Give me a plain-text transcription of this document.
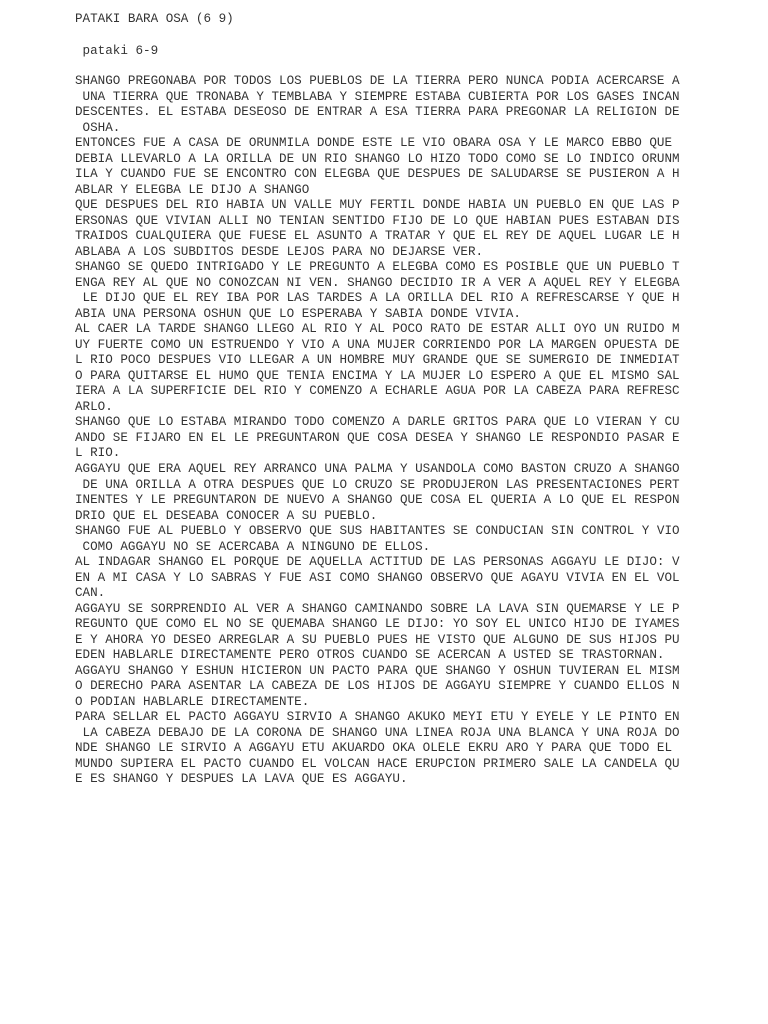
PATAKI BARA OSA (6 9)

pataki 6-9

SHANGO PREGONABA POR TODOS LOS PUEBLOS DE LA TIERRA PERO NUNCA PODIA ACERCARSE A

UNA TIERRA QUE TRONABA Y TEMBLABA Y SIEMPRE ESTABA CUBIERTA POR LOS GASES INCAN

DESCENTES. EL ESTABA DESEOSO DE ENTRAR A ESA TIERRA PARA PREGONAR LA RELIGION DE

OSHA.

ENTONCES FUE A CASA DE ORUNMILA DONDE ESTE LE VIO OBARA OSA Y LE MARCO EBBO QUE

DEBIA LLEVARLO A LA ORILLA DE UN RIO SHANGO LO HIZO TODO COMO SE LO INDICO ORUNM

ILA Y CUANDO FUE SE ENCONTRO CON ELEGBA QUE DESPUES DE SALUDARSE SE PUSIERON A H

ABLAR Y ELEGBA LE DIJO A SHANGO

QUE DESPUES DEL RIO HABIA UN VALLE MUY FERTIL DONDE HABIA UN PUEBLO EN QUE LAS P

ERSONAS QUE VIVIAN ALLI NO TENIAN SENTIDO FIJO DE LO QUE HABIAN PUES ESTABAN DIS

TRAIDOS CUALQUIERA QUE FUESE EL ASUNTO A TRATAR Y QUE EL REY DE AQUEL LUGAR LE H

ABLABA A LOS SUBDITOS DESDE LEJOS PARA NO DEJARSE VER.

SHANGO SE QUEDO INTRIGADO Y LE PREGUNTO A ELEGBA COMO ES POSIBLE QUE UN PUEBLO T

ENGA REY AL QUE NO CONOZCAN NI VEN. SHANGO DECIDIO IR A VER A AQUEL REY Y ELEGBA

LE DIJO QUE EL REY IBA POR LAS TARDES A LA ORILLA DEL RIO A REFRESCARSE Y QUE H

ABIA UNA PERSONA OSHUN QUE LO ESPERABA Y SABIA DONDE VIVIA.

AL CAER LA TARDE SHANGO LLEGO AL RIO Y AL POCO RATO DE ESTAR ALLI OYO UN RUIDO M

UY FUERTE COMO UN ESTRUENDO Y VIO A UNA MUJER CORRIENDO POR LA MARGEN OPUESTA DE

L RIO POCO DESPUES VIO LLEGAR A UN HOMBRE MUY GRANDE QUE SE SUMERGIO DE INMEDIAT

O PARA QUITARSE EL HUMO QUE TENIA ENCIMA Y LA MUJER LO ESPERO A QUE EL MISMO SAL

IERA A LA SUPERFICIE DEL RIO Y COMENZO A ECHARLE AGUA POR LA CABEZA PARA REFRESC

ARLO.

SHANGO QUE LO ESTABA MIRANDO TODO COMENZO A DARLE GRITOS PARA QUE LO VIERAN Y CU

ANDO SE FIJARO EN EL LE PREGUNTARON QUE COSA DESEA Y SHANGO LE RESPONDIO PASAR E

L RIO.

AGGAYU QUE ERA AQUEL REY ARRANCO UNA PALMA Y USANDOLA COMO BASTON CRUZO A SHANGO

DE UNA ORILLA A OTRA DESPUES QUE LO CRUZO SE PRODUJERON LAS PRESENTACIONES PERT

INENTES Y LE PREGUNTARON DE NUEVO A SHANGO QUE COSA EL QUERIA A LO QUE EL RESPON

DRIO QUE EL DESEABA CONOCER A SU PUEBLO.

SHANGO FUE AL PUEBLO Y OBSERVO QUE SUS HABITANTES SE CONDUCIAN SIN CONTROL Y VIO

COMO AGGAYU NO SE ACERCABA A NINGUNO DE ELLOS.

AL INDAGAR SHANGO EL PORQUE DE AQUELLA ACTITUD DE LAS PERSONAS AGGAYU LE DIJO: V

EN A MI CASA Y LO SABRAS Y FUE ASI COMO SHANGO OBSERVO QUE AGAYU VIVIA EN EL VOL

CAN.

AGGAYU SE SORPRENDIO AL VER A SHANGO CAMINANDO SOBRE LA LAVA SIN QUEMARSE Y LE P

REGUNTO QUE COMO EL NO SE QUEMABA SHANGO LE DIJO: YO SOY EL UNICO HIJO DE IYAMES

E Y AHORA YO DESEO ARREGLAR A SU PUEBLO PUES HE VISTO QUE ALGUNO DE SUS HIJOS PU

EDEN HABLARLE DIRECTAMENTE PERO OTROS CUANDO SE ACERCAN A USTED SE TRASTORNAN.

AGGAYU SHANGO Y ESHUN HICIERON UN PACTO PARA QUE SHANGO Y OSHUN TUVIERAN EL MISM

O DERECHO PARA ASENTAR LA CABEZA DE LOS HIJOS DE AGGAYU SIEMPRE Y CUANDO ELLOS N

O PODIAN HABLARLE DIRECTAMENTE.

PARA SELLAR EL PACTO AGGAYU SIRVIO A SHANGO AKUKO MEYI ETU Y EYELE Y LE PINTO EN

LA CABEZA DEBAJO DE LA CORONA DE SHANGO UNA LINEA ROJA UNA BLANCA Y UNA ROJA DO

NDE SHANGO LE SIRVIO A AGGAYU ETU AKUARDO OKA OLELE EKRU ARO Y PARA QUE TODO EL

MUNDO SUPIERA EL PACTO CUANDO EL VOLCAN HACE ERUPCION PRIMERO SALE LA CANDELA QU

E ES SHANGO Y DESPUES LA LAVA QUE ES AGGAYU.
